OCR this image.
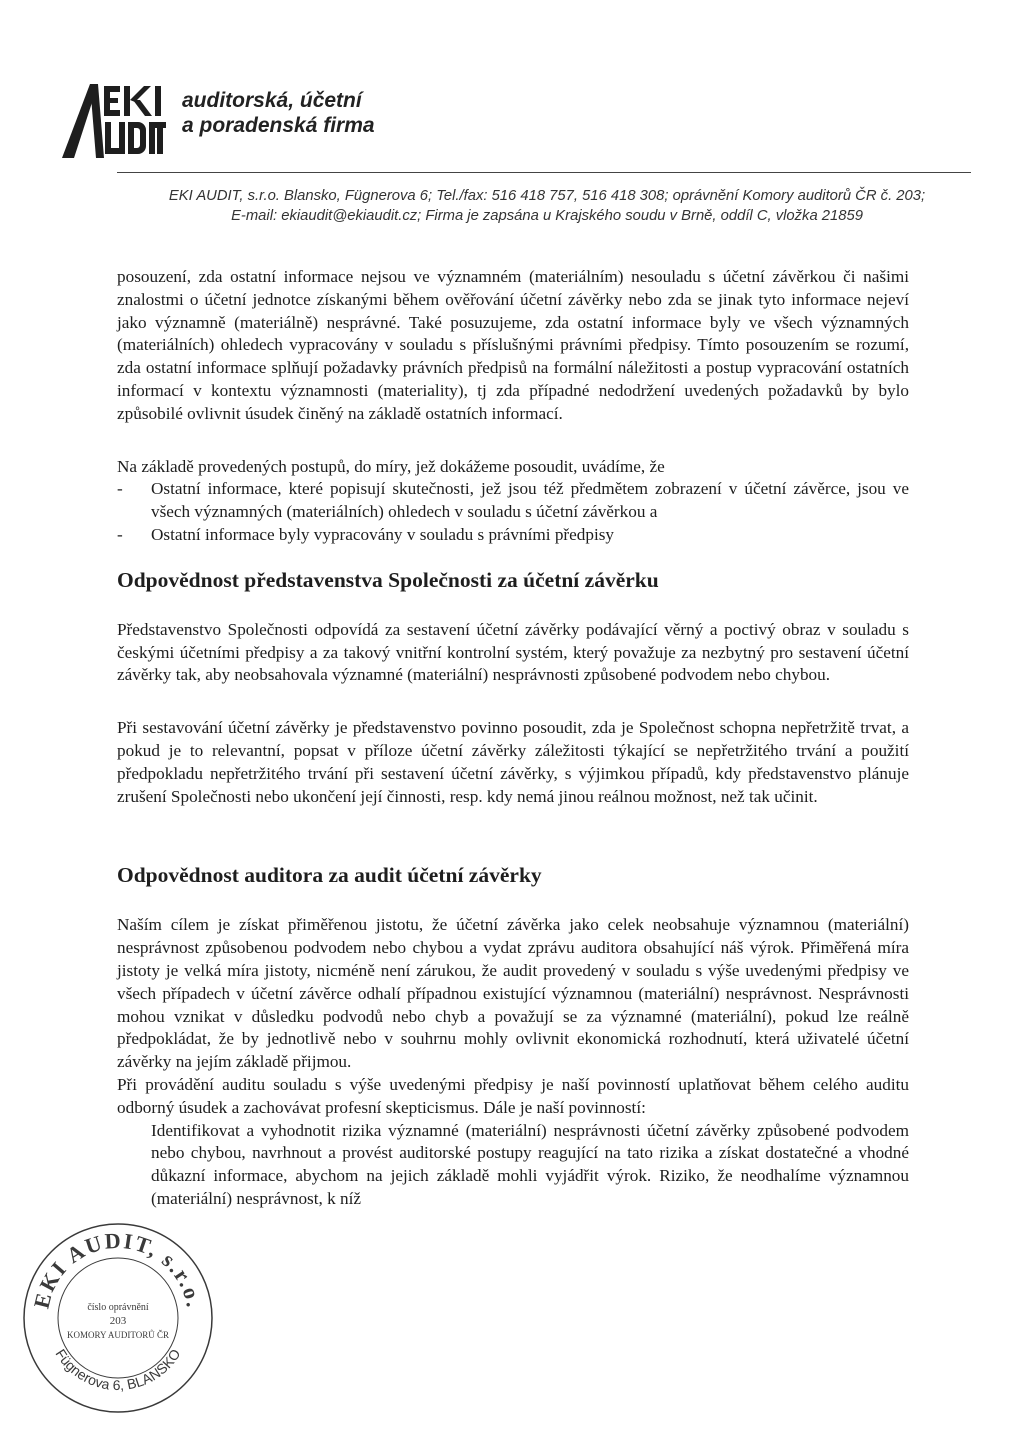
auditorská, účetní
a poradenská firma
EKI AUDIT, s.r.o. Blansko, Fügnerova 6; Tel./fax: 516 418 757, 516 418 308; oprávnění Komory auditorů ČR č. 203;
E-mail: ekiaudit@ekiaudit.cz; Firma je zapsána u Krajského soudu v Brně, oddíl C, vložka 21859

posouzení, zda ostatní informace nejsou ve významném (materiálním) nesouladu s účetní závěrkou či našimi znalostmi o účetní jednotce získanými během ověřování účetní závěrky nebo zda se jinak tyto informace nejeví jako významně (materiálně) nesprávné. Také posuzujeme, zda ostatní informace byly ve všech významných (materiálních) ohledech vypracovány v souladu s příslušnými právními předpisy. Tímto posouzením se rozumí, zda ostatní informace splňují požadavky právních předpisů na formální náležitosti a postup vypracování ostatních informací v kontextu významnosti (materiality), tj zda případné nedodržení uvedených požadavků by bylo způsobilé ovlivnit úsudek činěný na základě ostatních informací.

Na základě provedených postupů, do míry, jež dokážeme posoudit, uvádíme, že

- Ostatní informace, které popisují skutečnosti, jež jsou též předmětem zobrazení v účetní závěrce, jsou ve všech významných (materiálních) ohledech v souladu s účetní závěrkou a
- Ostatní informace byly vypracovány v souladu s právními předpisy
Odpovědnost představenstva Společnosti za účetní závěrku

Představenstvo Společnosti odpovídá za sestavení účetní závěrky podávající věrný a poctivý obraz v souladu s českými účetními předpisy a za takový vnitřní kontrolní systém, který považuje za nezbytný pro sestavení účetní závěrky tak, aby neobsahovala významné (materiální) nesprávnosti způsobené podvodem nebo chybou.

Při sestavování účetní závěrky je představenstvo povinno posoudit, zda je Společnost schopna nepřetržitě trvat, a pokud je to relevantní, popsat v příloze účetní závěrky záležitosti týkající se nepřetržitého trvání a použití předpokladu nepřetržitého trvání při sestavení účetní závěrky, s výjimkou případů, kdy představenstvo plánuje zrušení Společnosti nebo ukončení její činnosti, resp. kdy nemá jinou reálnou možnost, než tak učinit.

Odpovědnost auditora za audit účetní závěrky

Naším cílem je získat přiměřenou jistotu, že účetní závěrka jako celek neobsahuje významnou (materiální) nesprávnost způsobenou podvodem nebo chybou a vydat zprávu auditora obsahující náš výrok. Přiměřená míra jistoty je velká míra jistoty, nicméně není zárukou, že audit provedený v souladu s výše uvedenými předpisy ve všech případech v účetní závěrce odhalí případnou existující významnou (materiální) nesprávnost. Nesprávnosti mohou vznikat v důsledku podvodů nebo chyb a považují se za významné (materiální), pokud lze reálně předpokládat, že by jednotlivě nebo v souhrnu mohly ovlivnit ekonomická rozhodnutí, která uživatelé účetní závěrky na jejím základě přijmou.

Při provádění auditu souladu s výše uvedenými předpisy je naší povinností uplatňovat během celého auditu odborný úsudek a zachovávat profesní skepticismus. Dále je naší povinností:

Identifikovat a vyhodnotit rizika významné (materiální) nesprávnosti účetní závěrky způsobené podvodem nebo chybou, navrhnout a provést auditorské postupy reagující na tato rizika a získat dostatečné a vhodné důkazní informace, abychom na jejich základě mohli vyjádřit výrok. Riziko, že neodhalíme významnou (materiální) nesprávnost, k níž

EKI AUDIT, s.r.o.
Fügnerova 6, BLANSKO
číslo oprávnění
203
KOMORY AUDITORŮ ČR
